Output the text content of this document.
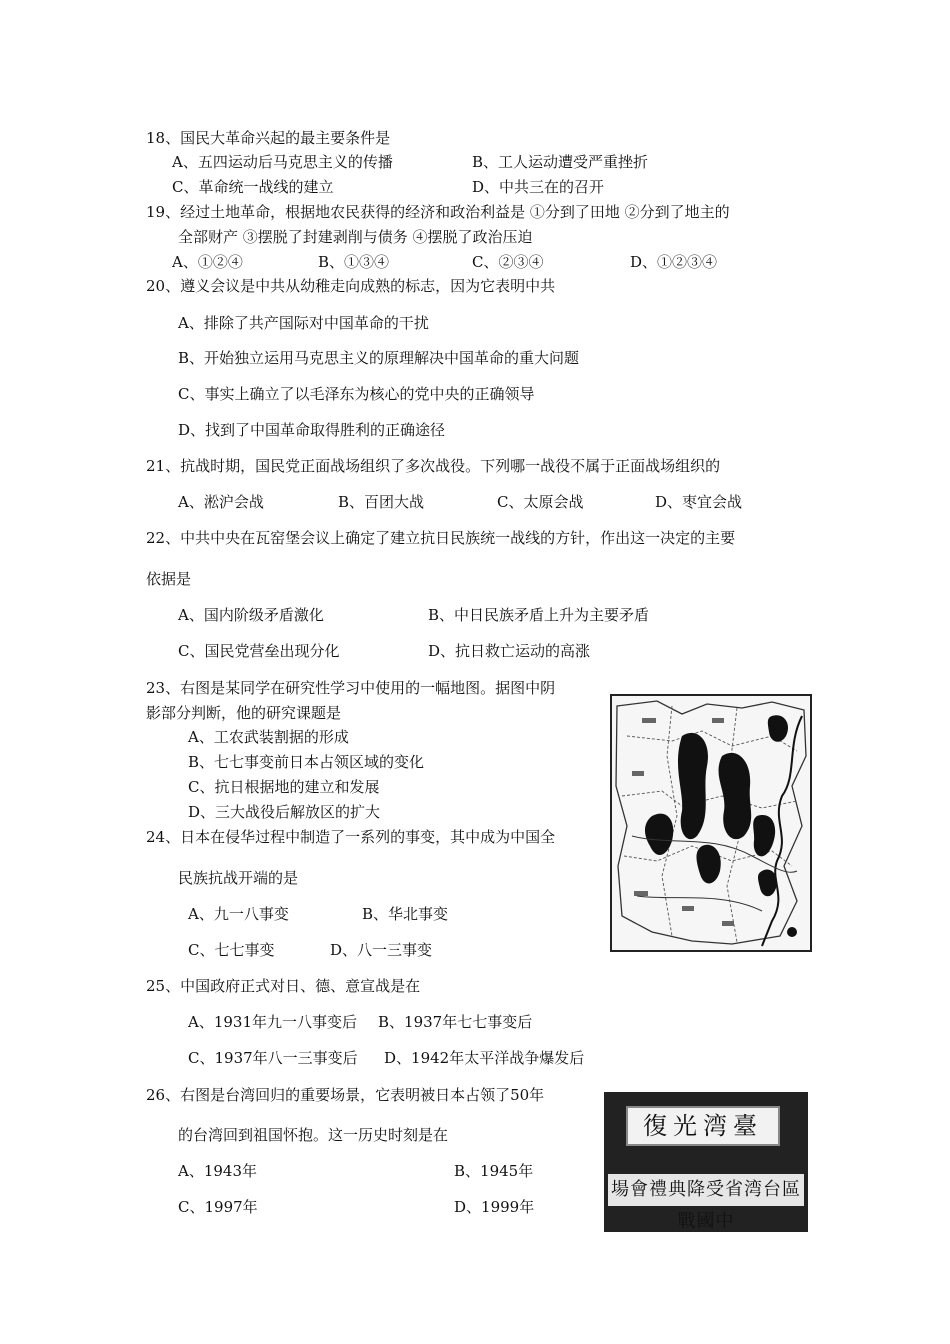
18、国民大革命兴起的最主要条件是
A、五四运动后马克思主义的传播	B、工人运动遭受严重挫折
C、革命统一战线的建立	D、中共三在的召开
19、经过土地革命，根据地农民获得的经济和政治利益是 ①分到了田地 ②分到了地主的
全部财产 ③摆脱了封建剥削与债务 ④摆脱了政治压迫
A、①②④	B、①③④	C、②③④	D、①②③④
20、遵义会议是中共从幼稚走向成熟的标志，因为它表明中共
A、排除了共产国际对中国革命的干扰
B、开始独立运用马克思主义的原理解决中国革命的重大问题
C、事实上确立了以毛泽东为核心的党中央的正确领导
D、找到了中国革命取得胜利的正确途径
21、抗战时期，国民党正面战场组织了多次战役。下列哪一战役不属于正面战场组织的
A、淞沪会战	B、百团大战	C、太原会战	D、枣宜会战
22、中共中央在瓦窑堡会议上确定了建立抗日民族统一战线的方针，作出这一决定的主要
依据是
A、国内阶级矛盾激化	B、中日民族矛盾上升为主要矛盾
C、国民党营垒出现分化	D、抗日救亡运动的高涨
23、右图是某同学在研究性学习中使用的一幅地图。据图中阴
影部分判断，他的研究课题是
A、工农武装割据的形成
B、七七事变前日本占领区域的变化
C、抗日根据地的建立和发展
D、三大战役后解放区的扩大
24、日本在侵华过程中制造了一系列的事变，其中成为中国全
民族抗战开端的是
A、九一八事变	B、华北事变
C、七七事变	D、八一三事变
25、中国政府正式对日、德、意宣战是在
A、1931年九一八事变后 B、1937年七七事变后
C、1937年八一三事变后 D、1942年太平洋战争爆发后
26、右图是台湾回归的重要场景，它表明被日本占领了50年
的台湾回到祖国怀抱。这一历史时刻是在
A、1943年	B、1945年
C、1997年	D、1999年
復光湾臺
場會禮典降受省湾台區戰國中
